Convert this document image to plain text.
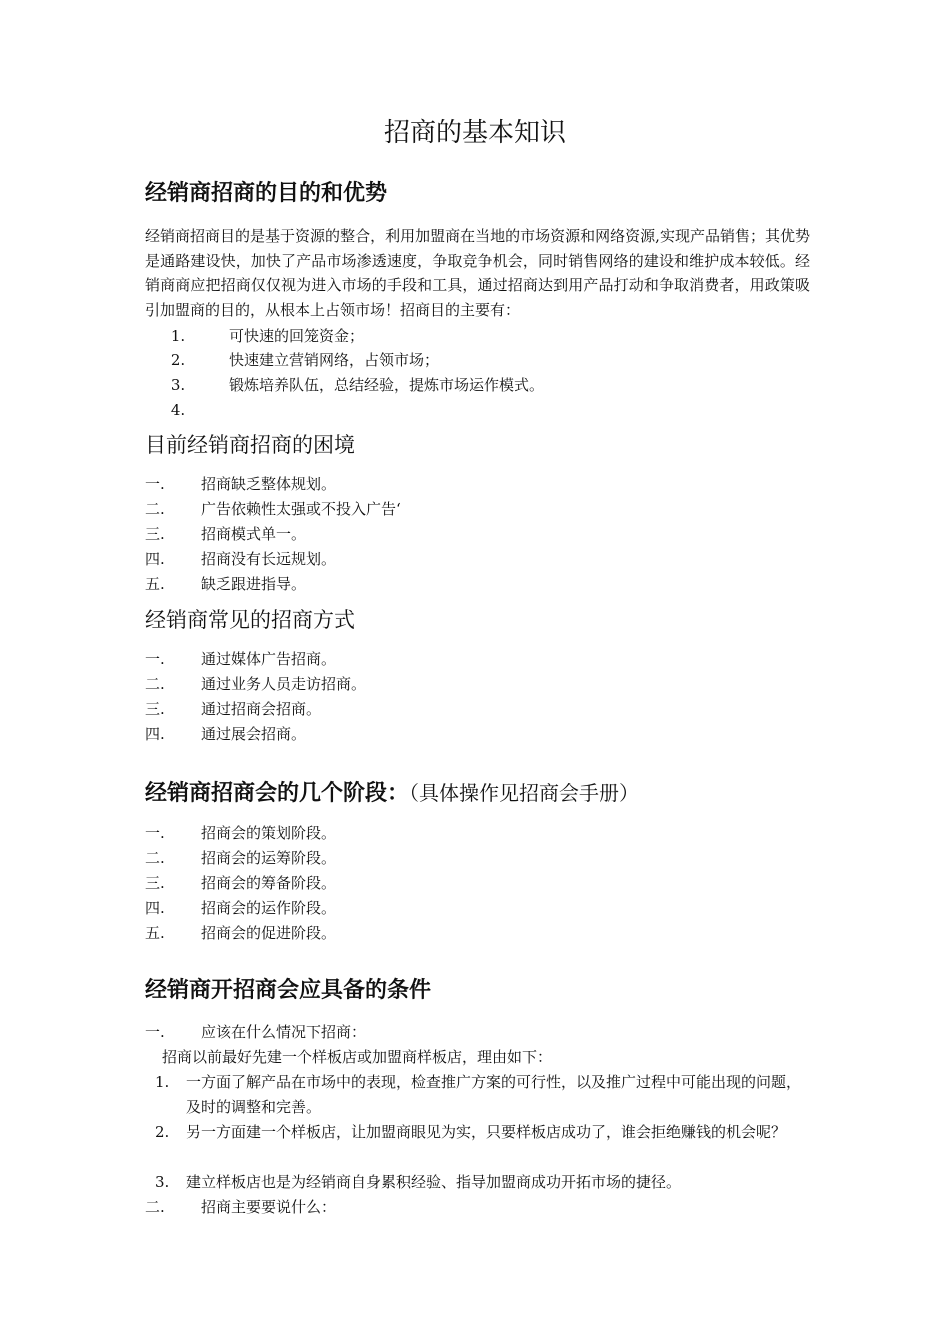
招商的基本知识
经销商招商的目的和优势

经销商招商目的是基于资源的整合，利用加盟商在当地的市场资源和网络资源,实现产品销售；其优势是通路建设快，加快了产品市场渗透速度，争取竞争机会，同时销售网络的建设和维护成本较低。经销商商应把招商仅仅视为进入市场的手段和工具，通过招商达到用产品打动和争取消费者，用政策吸引加盟商的目的，从根本上占领市场！招商目的主要有：

1.	可快速的回笼资金；
2.	快速建立营销网络，占领市场；
3.	锻炼培养队伍，总结经验，提炼市场运作模式。
4.
目前经销商招商的困境
一. 招商缺乏整体规划。
二. 广告依赖性太强或不投入广告‘
三. 招商模式单一。
四. 招商没有长远规划。
五. 缺乏跟进指导。
经销商常见的招商方式
一. 通过媒体广告招商。
二. 通过业务人员走访招商。
三. 通过招商会招商。
四. 通过展会招商。
经销商招商会的几个阶段：（具体操作见招商会手册）
一. 招商会的策划阶段。
二. 招商会的运筹阶段。
三. 招商会的筹备阶段。
四. 招商会的运作阶段。
五. 招商会的促进阶段。
经销商开招商会应具备的条件
一. 应该在什么情况下招商：
招商以前最好先建一个样板店或加盟商样板店，理由如下：
1. 一方面了解产品在市场中的表现，检查推广方案的可行性，以及推广过程中可能出现的问题，及时的调整和完善。
2. 另一方面建一个样板店，让加盟商眼见为实，只要样板店成功了，谁会拒绝赚钱的机会呢？
3. 建立样板店也是为经销商自身累积经验、指导加盟商成功开拓市场的捷径。
二. 招商主要要说什么：
